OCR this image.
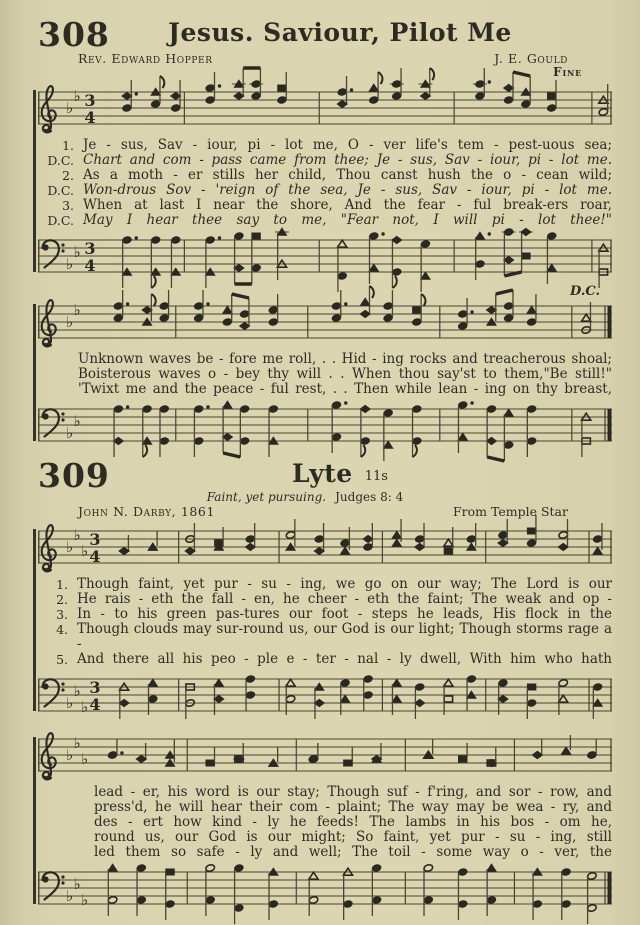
308	Jesus. Saviour, Pilot Me
Rev. Edward Hopper	J. E. Gould
Fine
♭
♭ 3
4
1. Je - sus, Sav - iour, pi - lot me, O - ver life's tem - pest-uous sea;
D.C. Chart and com - pass came from thee; Je - sus, Sav - iour, pi - lot me.
2. As a moth - er stills her child, Thou canst hush the o - cean wild;
D.C. Won-drous Sov - 'reign of the sea, Je - sus, Sav - iour, pi - lot me.
3. When at last I near the shore, And the fear - ful break-ers roar,
D.C. May I hear thee say to me, "Fear not, I will pi - lot thee!"
♭
♭ 3
4
D.C.
♭
♭
Unknown waves be - fore me roll, . . Hid - ing rocks and treacherous shoal;
Boisterous waves o - bey thy will . . When thou say'st to them,"Be still!"
'Twixt me and the peace - ful rest, . . Then while lean - ing on thy breast,
♭
♭
309	Lyte 11s
Faint, yet pursuing. Judges 8: 4
John N. Darby, 1861	From Temple Star
♭
♭
♭
3
4
1. Though faint, yet pur - su - ing, we go on our way; The Lord is our
2. He rais - eth the fall - en, he cheer - eth the faint; The weak and op -
3. In - to his green pas-tures our foot - steps he leads, His flock in the
4. Though clouds may sur-round us, our God is our light; Though storms rage a -
5. And there all his peo - ple e - ter - nal - ly dwell, With him who hath
♭
♭
♭
3
4
♭
♭
♭
lead - er, his word is our stay; Though suf - f'ring, and sor - row, and
press'd, he will hear their com - plaint; The way may be wea - ry, and
des - ert how kind - ly he feeds! The lambs in his bos - om he,
round us, our God is our might; So faint, yet pur - su - ing, still
led them so safe - ly and well; The toil - some way o - ver, the
♭
♭
♭
